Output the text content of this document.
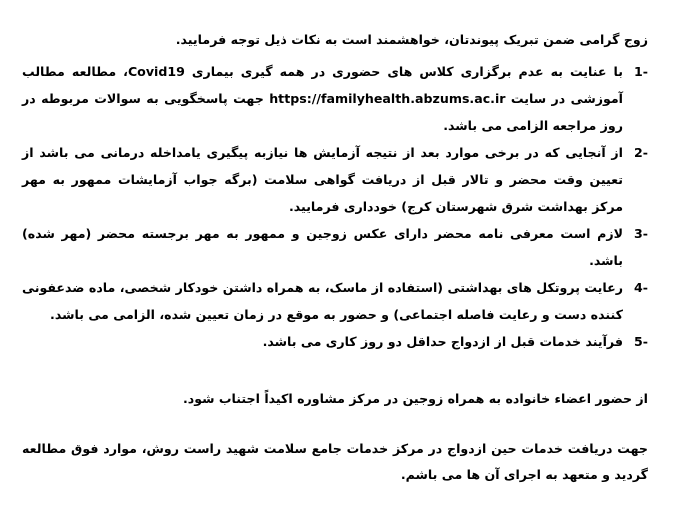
زوج گرامی ضمن تبریک پیوندتان، خواهشمند است به نکات ذیل توجه فرمایید.

1-
با عنایت به عدم برگزاری کلاس های حضوری در همه گیری بیماری Covid19، مطالعه مطالب آموزشی در سایت https://familyhealth.abzums.ac.ir جهت پاسخگویی به سوالات مربوطه در روز مراجعه الزامی می باشد.
2-
از آنجایی که در برخی موارد بعد از نتیجه آزمایش ها نیازبه پیگیری یامداخله درمانی می باشد از تعیین وقت محضر و تالار قبل از دریافت گواهی سلامت (برگه جواب آزمایشات ممهور به مهر مرکز بهداشت شرق شهرستان کرج) خودداری فرمایید.
3-
لازم است معرفی نامه محضر دارای عکس زوجین و ممهور به مهر برجسته محضر (مهر شده) باشد.
4-
رعایت پروتکل های بهداشتی (استفاده از ماسک، به همراه داشتن خودکار شخصی، ماده ضدعفونی کننده دست و رعایت فاصله اجتماعی) و حضور به موقع در زمان تعیین شده، الزامی می باشد.
5-
فرآیند خدمات قبل از ازدواج حداقل دو روز کاری می باشد.

از حضور اعضاء خانواده به همراه زوجین در مرکز مشاوره اکیداً اجتناب شود.

جهت دریافت خدمات حین ازدواج در مرکز خدمات جامع سلامت شهید راست روش، موارد فوق مطالعه گردید و متعهد به اجرای آن ها می باشم.
